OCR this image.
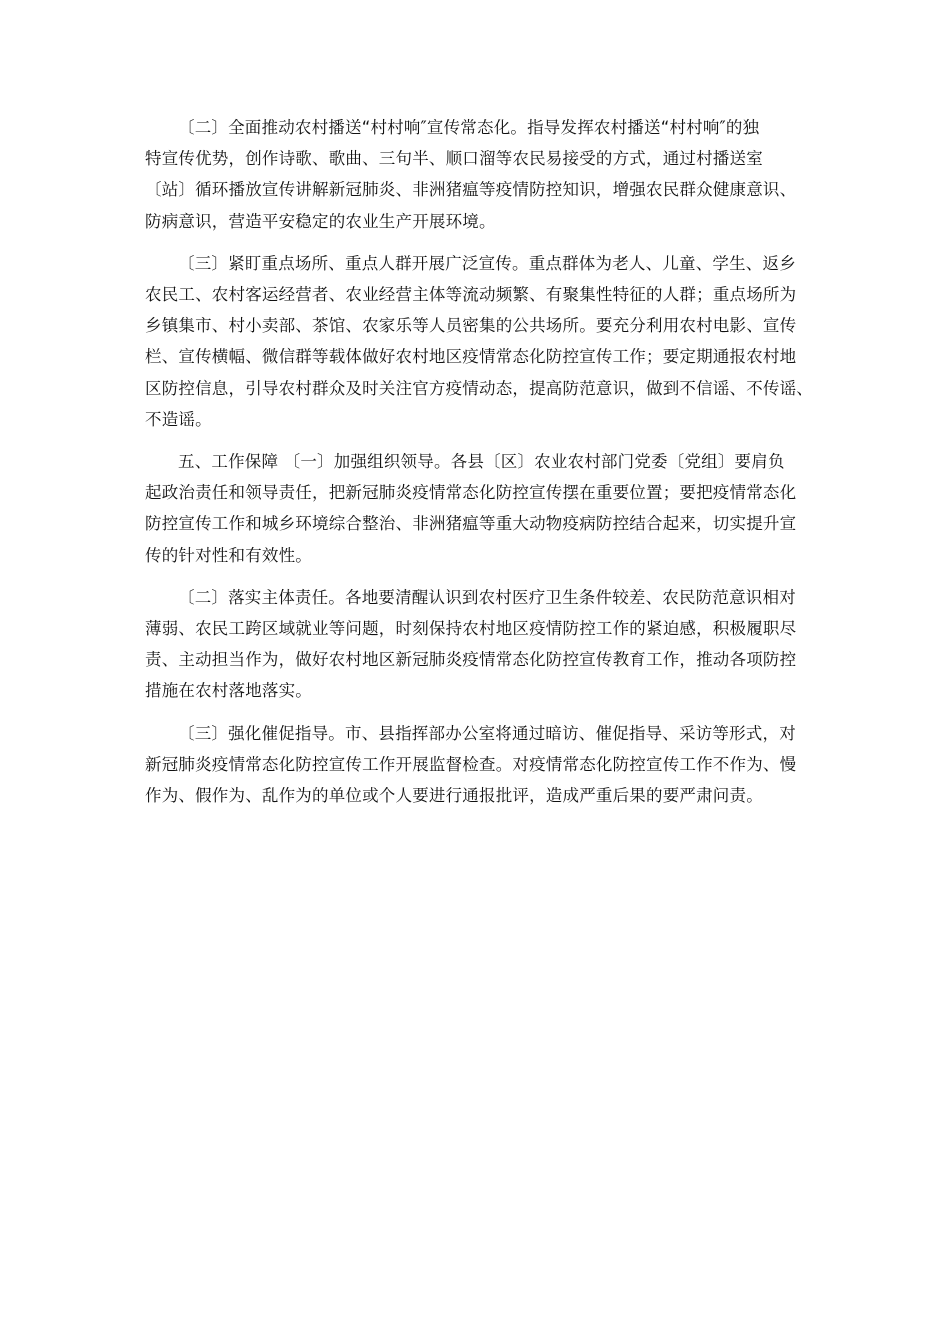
〔二〕全面推动农村播送“村村响″宣传常态化。指导发挥农村播送“村村响″的独
特宣传优势，创作诗歌、歌曲、三句半、顺口溜等农民易接受的方式，通过村播送室
〔站〕循环播放宣传讲解新冠肺炎、非洲猪瘟等疫情防控知识，增强农民群众健康意识、
防病意识，营造平安稳定的农业生产开展环境。

〔三〕紧盯重点场所、重点人群开展广泛宣传。重点群体为老人、儿童、学生、返乡
农民工、农村客运经营者、农业经营主体等流动频繁、有聚集性特征的人群；重点场所为
乡镇集市、村小卖部、茶馆、农家乐等人员密集的公共场所。要充分利用农村电影、宣传
栏、宣传横幅、微信群等载体做好农村地区疫情常态化防控宣传工作；要定期通报农村地
区防控信息，引导农村群众及时关注官方疫情动态，提高防范意识，做到不信谣、不传谣、
不造谣。

五、工作保障 〔一〕加强组织领导。各县〔区〕农业农村部门党委〔党组〕要肩负
起政治责任和领导责任，把新冠肺炎疫情常态化防控宣传摆在重要位置；要把疫情常态化
防控宣传工作和城乡环境综合整治、非洲猪瘟等重大动物疫病防控结合起来，切实提升宣
传的针对性和有效性。

〔二〕落实主体责任。各地要清醒认识到农村医疗卫生条件较差、农民防范意识相对
薄弱、农民工跨区域就业等问题，时刻保持农村地区疫情防控工作的紧迫感，积极履职尽
责、主动担当作为，做好农村地区新冠肺炎疫情常态化防控宣传教育工作，推动各项防控
措施在农村落地落实。

〔三〕强化催促指导。市、县指挥部办公室将通过暗访、催促指导、采访等形式，对
新冠肺炎疫情常态化防控宣传工作开展监督检查。对疫情常态化防控宣传工作不作为、慢
作为、假作为、乱作为的单位或个人要进行通报批评，造成严重后果的要严肃问责。
